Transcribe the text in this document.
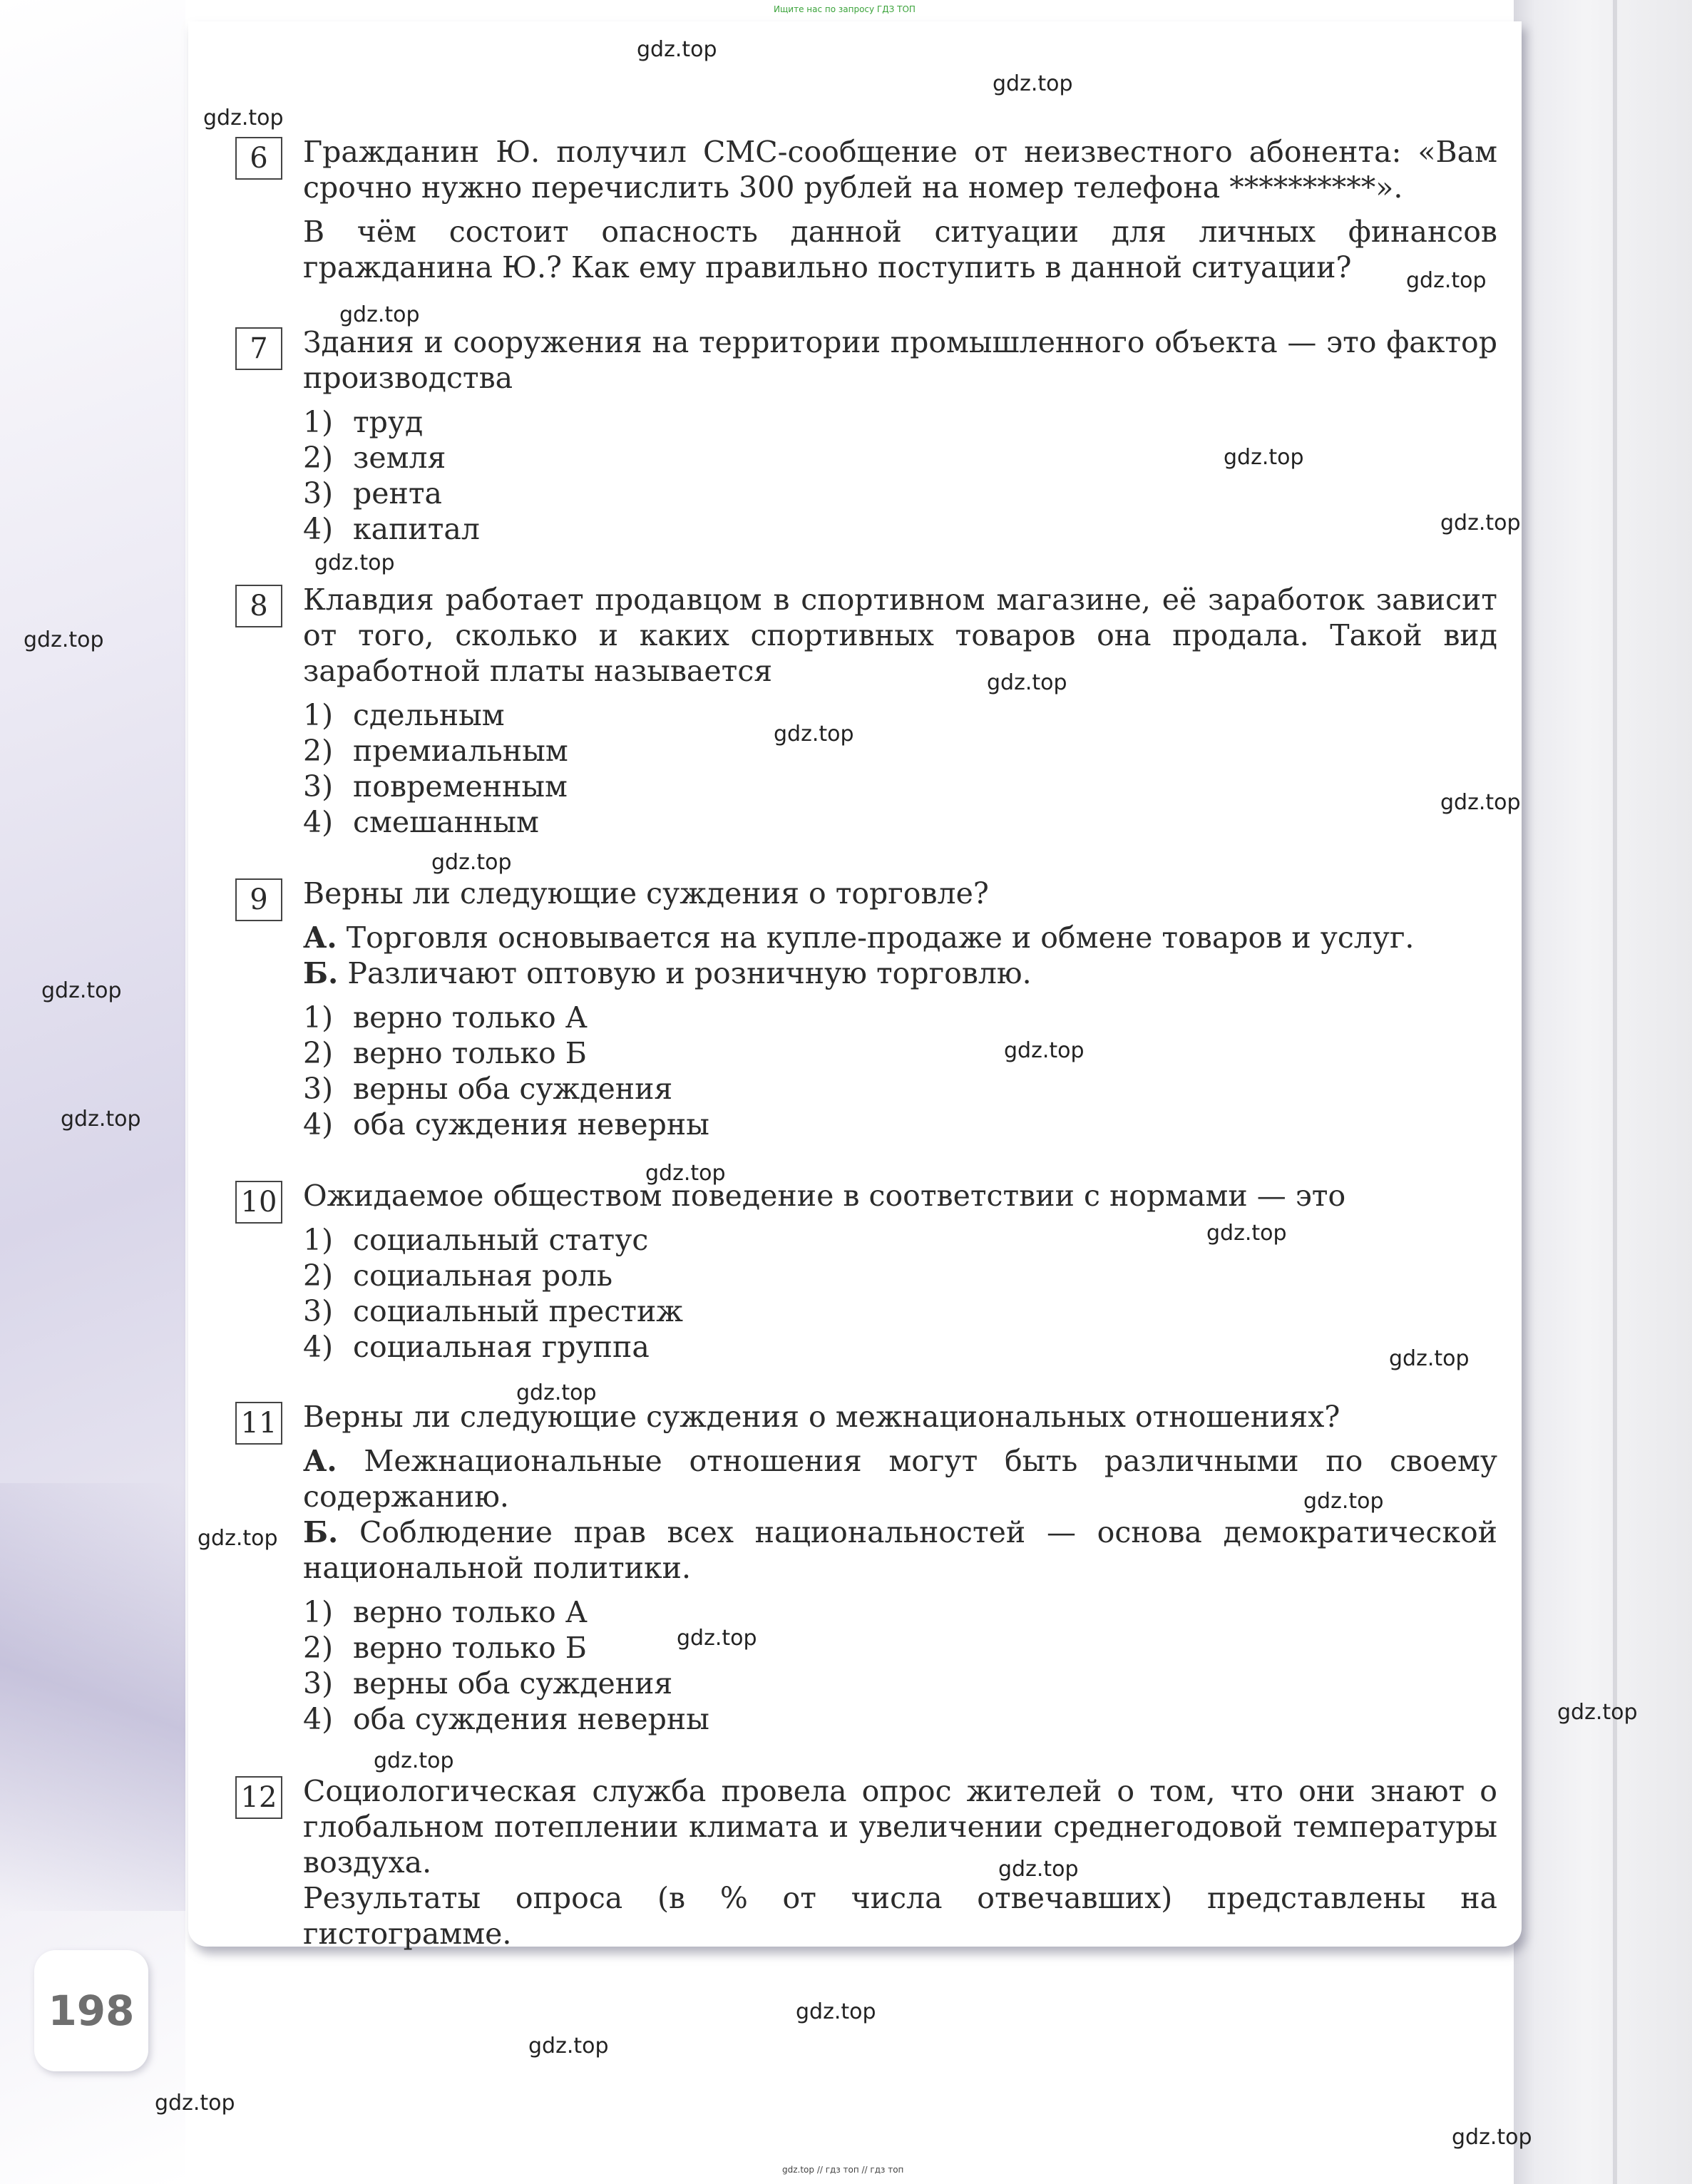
Ищите нас по запросу ГДЗ ТОП
6	Гражданин Ю. получил СМС-сообщение от неизвестного абонента: «Вам срочно нужно перечислить 300 рублей на номер телефона **********».

В чём состоит опасность данной ситуации для личных финансов гражданина Ю.? Как ему правильно поступить в данной ситуации?

7	Здания и сооружения на территории промышленного объекта — это фактор производства

1) труд
2) земля
3) рента
4) капитал
8	Клавдия работает продавцом в спортивном магазине, её заработок зависит от того, сколько и каких спортивных товаров она продала. Такой вид заработной платы называется

1) сдельным
2) премиальным
3) повременным
4) смешанным
9	Верны ли следующие суждения о торговле?

А. Торговля основывается на купле-продаже и обмене товаров и услуг.
Б. Различают оптовую и розничную торговлю.
1) верно только А
2) верно только Б
3) верны оба суждения
4) оба суждения неверны
10 Ожидаемое обществом поведение в соответствии с нормами — это

1) социальный статус
2) социальная роль
3) социальный престиж
4) социальная группа
11 Верны ли следующие суждения о межнациональных отношениях?

А. Межнациональные отношения могут быть различными по своему содержанию.
Б. Соблюдение прав всех национальностей — основа демократической национальной политики.
1) верно только А
2) верно только Б
3) верны оба суждения
4) оба суждения неверны
12 Социологическая служба провела опрос жителей о том, что они знают о глобальном потеплении климата и увеличении среднегодовой температуры воздуха.

Результаты опроса (в % от числа отвечавших) представлены на гистограмме.

198
gdz.top
gdz.top
gdz.top
gdz.top
gdz.top
gdz.top
gdz.top
gdz.top
gdz.top
gdz.top
gdz.top
gdz.top
gdz.top
gdz.top
gdz.top
gdz.top
gdz.top
gdz.top
gdz.top
gdz.top
gdz.top
gdz.top
gdz.top
gdz.top
gdz.top
gdz.top
gdz.top
gdz.top
gdz.top
gdz.top
gdz.top // гдз топ // гдз топ
